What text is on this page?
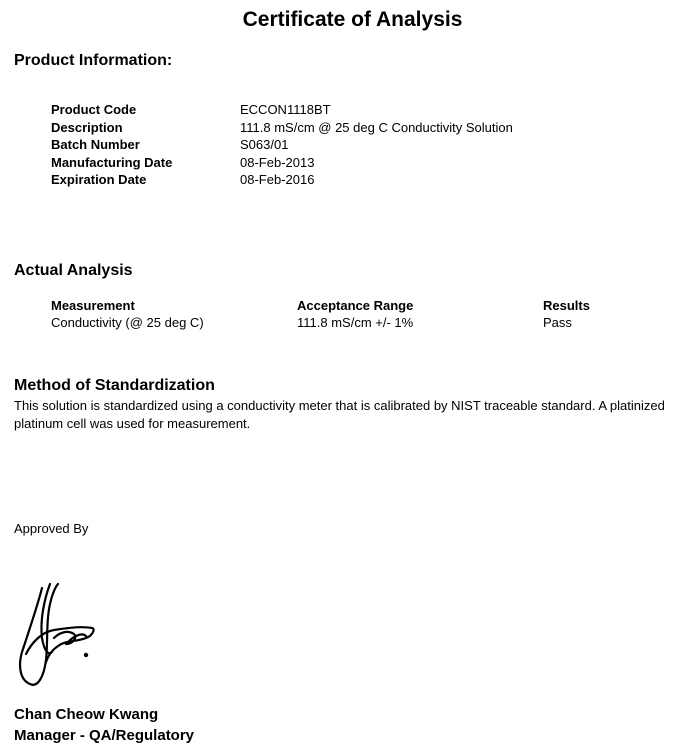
Certificate of Analysis
Product Information:
Product Code	ECCON1118BT
Description	111.8 mS/cm @ 25 deg C Conductivity Solution
Batch Number	S063/01
Manufacturing Date	08-Feb-2013
Expiration Date	08-Feb-2016
Actual Analysis
Measurement	Acceptance Range	Results
Conductivity (@ 25 deg C)	111.8 mS/cm +/- 1%	Pass
Method of Standardization
This solution is standardized using a conductivity meter that is calibrated by NIST traceable standard. A platinized platinum cell was used for measurement.
Approved By
Chan Cheow Kwang
Manager - QA/Regulatory
